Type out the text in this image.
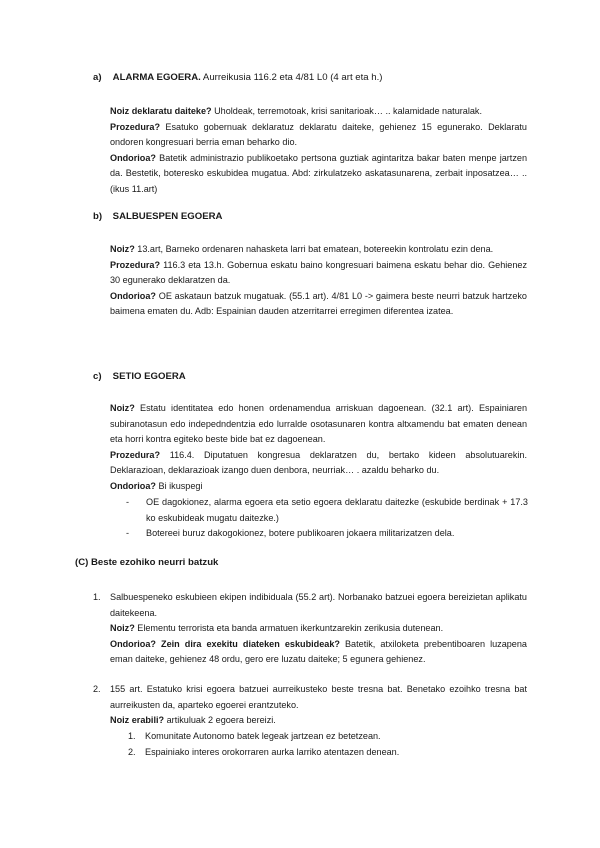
a) ALARMA EGOERA. Aurreikusia 116.2 eta 4/81 L0 (4 art eta h.)

Noiz deklaratu daiteke? Uholdeak, terremotoak, krisi sanitarioak… .. kalamidade naturalak.

Prozedura? Esatuko gobernuak deklaratuz deklaratu daiteke, gehienez 15 egunerako. Deklaratu ondoren kongresuari berria eman beharko dio.

Ondorioa? Batetik administrazio publikoetako pertsona guztiak agintaritza bakar baten menpe jartzen da. Bestetik, boteresko eskubidea mugatua. Abd: zirkulatzeko askatasunarena, zerbait inposatzea… .. (ikus 11.art)

b) SALBUESPEN EGOERA

Noiz? 13.art, Barneko ordenaren nahasketa larri bat ematean, botereekin kontrolatu ezin dena.

Prozedura? 116.3 eta 13.h. Gobernua eskatu baino kongresuari baimena eskatu behar dio. Gehienez 30 egunerako deklaratzen da.

Ondorioa? OE askataun batzuk mugatuak. (55.1 art). 4/81 L0 -> gaimera beste neurri batzuk hartzeko baimena ematen du. Adb: Espainian dauden atzerritarrei erregimen diferentea izatea.

c) SETIO EGOERA

Noiz? Estatu identitatea edo honen ordenamendua arriskuan dagoenean. (32.1 art). Espainiaren subiranotasun edo indepedndentzia edo lurralde osotasunaren kontra altxamendu bat ematen denean eta horri kontra egiteko beste bide bat ez dagoenean.

Prozedura? 116.4. Diputatuen kongresua deklaratzen du, bertako kideen absolutuarekin. Deklarazioan, deklarazioak izango duen denbora, neurriak… . azaldu beharko du.

Ondorioa? Bi ikuspegi

- OE dagokionez, alarma egoera eta setio egoera deklaratu daitezke (eskubide berdinak + 17.3 ko eskubideak mugatu daitezke.)
- Botereei buruz dakogokionez, botere publikoaren jokaera militarizatzen dela.
(C) Beste ezohiko neurri batzuk
1. Salbuespeneko eskubieen ekipen indibiduala (55.2 art). Norbanako batzuei egoera bereizietan aplikatu daitekeena.

Noiz? Elementu terrorista eta banda armatuen ikerkuntzarekin zerikusia dutenean.

Ondorioa? Zein dira exekitu diateken eskubideak? Batetik, atxiloketa prebentiboaren luzapena eman daiteke, gehienez 48 ordu, gero ere luzatu daiteke; 5 egunera gehienez.

2. 155 art. Estatuko krisi egoera batzuei aurreikusteko beste tresna bat. Benetako ezoihko tresna bat aurreikusten da, aparteko egoerei erantzuteko.

Noiz erabili? artikuluak 2 egoera bereizi.

1. Komunitate Autonomo batek legeak jartzean ez betetzean.
2. Espainiako interes orokorraren aurka larriko atentazen denean.
